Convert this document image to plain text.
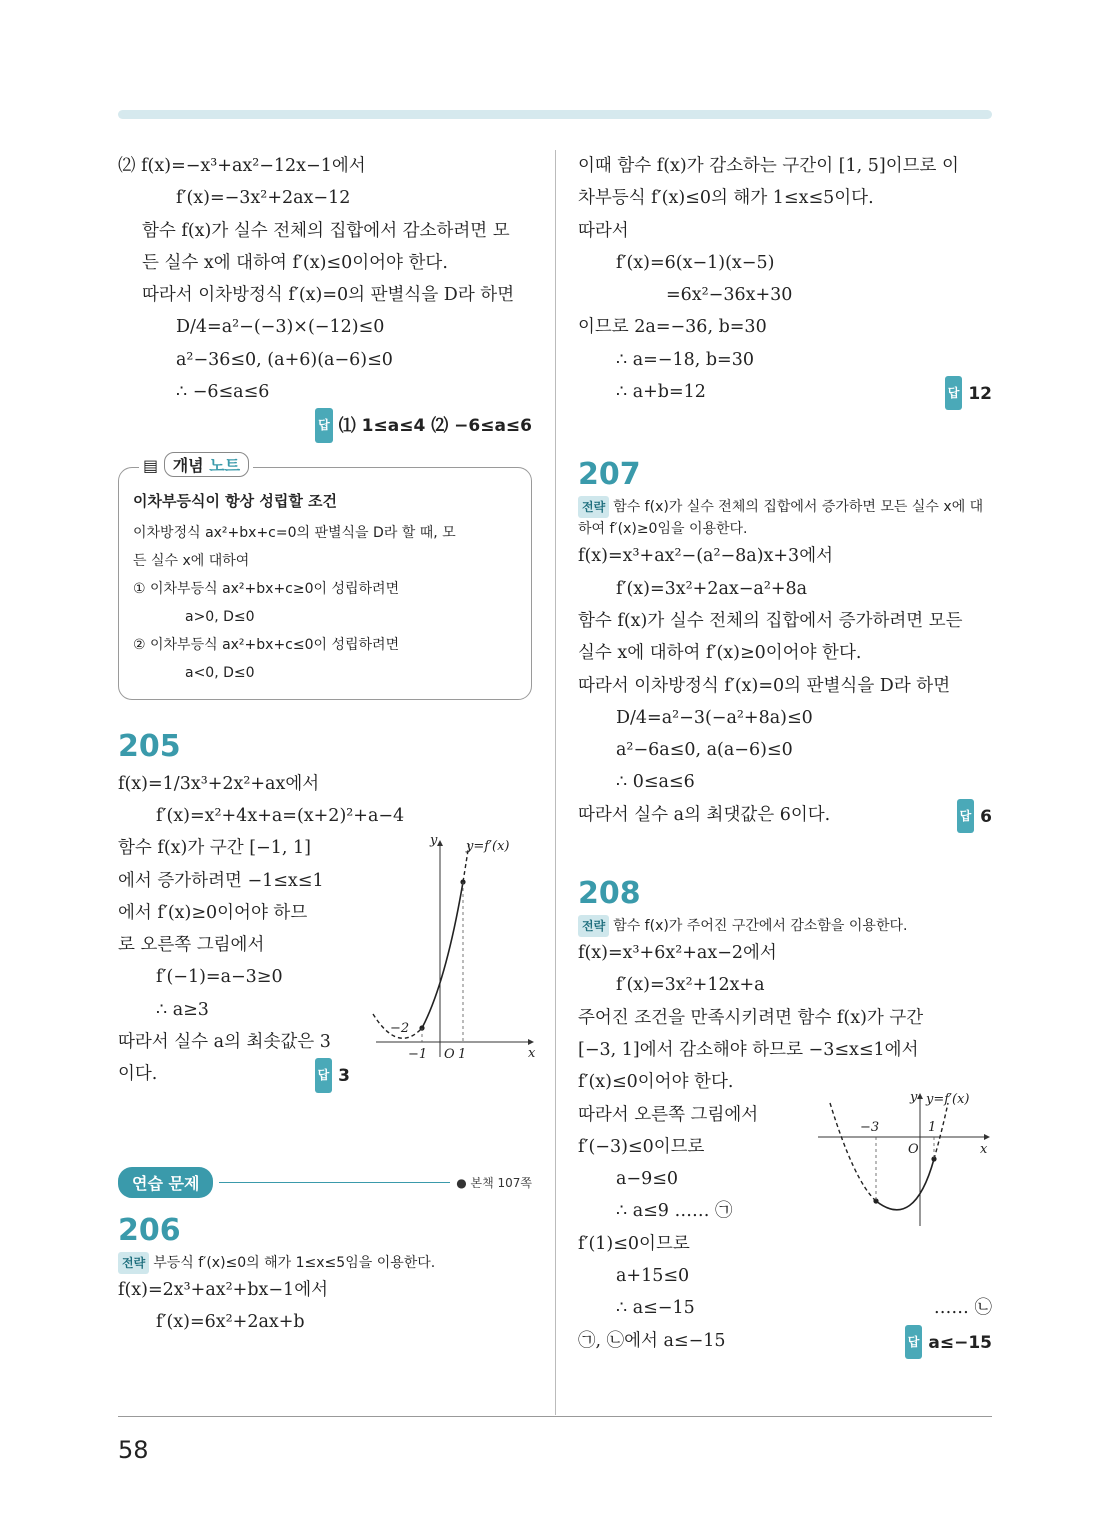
⑵ f(x)=−x³+ax²−12x−1에서
f′(x)=−3x²+2ax−12
함수 f(x)가 실수 전체의 집합에서 감소하려면 모
든 실수 x에 대하여 f′(x)≤0이어야 한다.
따라서 이차방정식 f′(x)=0의 판별식을 D라 하면
D/4=a²−(−3)×(−12)≤0
a²−36≤0, (a+6)(a−6)≤0
∴ −6≤a≤6
답 ⑴ 1≤a≤4 ⑵ −6≤a≤6
▤ 개념 노트
이차부등식이 항상 성립할 조건
이차방정식 ax²+bx+c=0의 판별식을 D라 할 때, 모
든 실수 x에 대하여
① 이차부등식 ax²+bx+c≥0이 성립하려면
a>0, D≤0
② 이차부등식 ax²+bx+c≤0이 성립하려면
a<0, D≤0
205
f(x)=1/3x³+2x²+ax에서
f′(x)=x²+4x+a=(x+2)²+a−4
함수 f(x)가 구간 [−1, 1]
에서 증가하려면 −1≤x≤1
에서 f′(x)≥0이어야 하므
로 오른쪽 그림에서
f′(−1)=a−3≥0
∴ a≥3
따라서 실수 a의 최솟값은 3
이다.	답 3
y
x
y=f′(x)
−2
−1 O 1
연습 문제	● 본책 107쪽
206
전략 부등식 f′(x)≤0의 해가 1≤x≤5임을 이용한다.
f(x)=2x³+ax²+bx−1에서
f′(x)=6x²+2ax+b
이때 함수 f(x)가 감소하는 구간이 [1, 5]이므로 이
차부등식 f′(x)≤0의 해가 1≤x≤5이다.
따라서
f′(x)=6(x−1)(x−5)
=6x²−36x+30
이므로 2a=−36, b=30
∴ a=−18, b=30
∴ a+b=12	답 12
207
전략 함수 f(x)가 실수 전체의 집합에서 증가하면 모든 실수 x에 대하여 f′(x)≥0임을 이용한다.
f(x)=x³+ax²−(a²−8a)x+3에서
f′(x)=3x²+2ax−a²+8a
함수 f(x)가 실수 전체의 집합에서 증가하려면 모든
실수 x에 대하여 f′(x)≥0이어야 한다.
따라서 이차방정식 f′(x)=0의 판별식을 D라 하면
D/4=a²−3(−a²+8a)≤0
a²−6a≤0, a(a−6)≤0
∴ 0≤a≤6
따라서 실수 a의 최댓값은 6이다.	답 6
208
전략 함수 f(x)가 주어진 구간에서 감소함을 이용한다.
f(x)=x³+6x²+ax−2에서
f′(x)=3x²+12x+a
주어진 조건을 만족시키려면 함수 f(x)가 구간
[−3, 1]에서 감소해야 하므로 −3≤x≤1에서
f′(x)≤0이어야 한다.
따라서 오른쪽 그림에서
f′(−3)≤0이므로
a−9≤0
∴ a≤9 …… ㉠
f′(1)≤0이므로
a+15≤0
∴ a≤−15	…… ㉡
㉠, ㉡에서 a≤−15	답 a≤−15
y
x
y=f′(x)
−3
O
1
58
